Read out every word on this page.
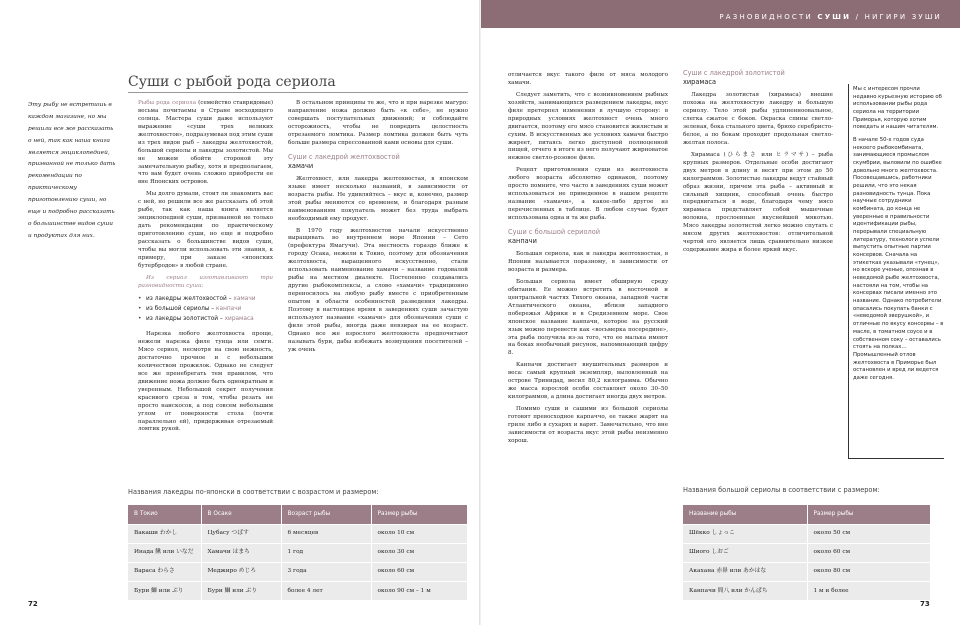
РАЗНОВИДНОСТИ СУШИ / НИГИРИ ЗУШИ
72	73
Суши с рыбой рода сериола
Эту рыбу не встретишь в каждом магазине, но мы решили все же рассказать о ней, так как наша книга является энциклопедией, призванной не только дать рекомендации по практическому приготовлению суши, но еще и подробно рассказать о большинстве видов суши и продуктах для них.

Рыбы рода сериола (семейство ставридовые) весьма почитаемы в Стране восходящего солнца. Мастера суши даже используют выражение «суши трех великих желтохвостов», подразумевая под этим суши из трех видов рыб – лакедры желтохвостой, большой сериолы и лакедры золотистой. Мы не можем обойти стороной эту замечательную рыбку, хотя и предполагаем, что вам будет очень сложно приобрести ее вне Японских островов.

Мы долго думали, стоит ли знакомить вас с ней, но решили все же рассказать об этой рыбе, так как наша книга является энциклопедией суши, призванной не только дать рекомендации по практическому приготовлению суши, но еще и подробно рассказать о большинстве видов суши, чтобы вы могли использовать эти знания, к примеру, при заказе «японских бутербродов» в любой стране.

Из сериол изготавливают три разновидности суши:

• из лакедры желтохвостой – хамачи
• из большой сериолы – канпачи
• из лакедры золотистой – хирамаса

Нарезка любого желтохвоста проще, нежели нарезка филе тунца или семги. Мясо сериол, несмотря на свою нежность, достаточно прочное и с небольшим количеством прожилок. Однако не следует все же пренебрегать тем правилом, что движение ножа должно быть однократным и уверенным. Небольшой секрет получения красивого среза в том, чтобы резать не просто наискосок, а под совсем небольшим углом от поверхности стола (почти параллельно ей), придерживая отрезаемый ломтик рукой.

В остальном принципы те же, что и при нарезке магуро: направление ножа должно быть «к себе», не нужно совершать поступательных движений; и соблюдайте осторожность, чтобы не повредить целостность отрезаемого ломтика. Размер ломтика должен быть чуть больше размера спрессованной ками основы для суши.

Суши с лакедрой желтохвостой
хамачи

Желтохвост, или лакедра желтохвостая, в японском языке имеет несколько названий, в зависимости от возраста рыбы. Не удивляйтесь – вкус и, конечно, размер этой рыбы меняются со временем, и благодаря разным наименованиям покупатель может без труда выбрать необходимый ему продукт.

В 1970 году желтохвостов начали искусственно выращивать во внутреннем море Японии – Сето (префектура Ямагучи). Эта местность гораздо ближе к городу Осака, нежели к Токио, поэтому для обозначения желтохвоста, выращенного искусственно, стали использовать наименование хамачи – название годовалой рыбы на местном диалекте. Постепенно создавались другие рыбокомплексы, а слово «хамачи» традиционно переносилось на любую рыбу вместе с приобретенным опытом в области особенностей разведения лакедры. Поэтому в настоящее время в заведениях суши зачастую используют название «хамачи» для обозначения суши с филе этой рыбы, иногда даже невзирая на ее возраст. Однако все же взрослого желтохвоста предпочитают называть бури, дабы избежать возмущения посетителей – уж очень

отличается вкус такого филе от мяса молодого хамачи.

Следует заметить, что с возникновением рыбных хозяйств, занимающихся разведением лакедры, вкус филе претерпел изменения в лучшую сторону: в природных условиях желтохвост очень много двигается, поэтому его мясо становится жилистым и сухим. В искусственных же условиях хамачи быстро жиреет, питаясь легко доступной полноценной пищей, отчего в итоге из него получают жирноватое нежное светло-розовое филе.

Рецепт приготовления суши из желтохвоста любого возраста абсолютно одинаков, поэтому просто помните, что часто в заведениях суши может использоваться не приведенное в нашем рецепте название «хамачи», а какое-либо другое из перечисленных в таблице. В любом случае будет использована одна и та же рыба.

Суши с большой сериолой
канпачи

Большая сериола, как и лакедра желтохвостая, в Японии называется поразному, в зависимости от возраста и размера.

Большая сериола имеет обширную среду обитания. Ее можно встретить в восточной и центральной частях Тихого океана, западной части Атлантического океана, вблизи западного побережья Африки и в Средиземном море. Свое японское название канпачи, которое на русский язык можно перевести как «восьмерка посередине», эта рыба получила из-за того, что ее малька имеют на боках необычный рисунок, напоминающий цифру 8.

Канпачи достигает внушительных размеров и веса: самый крупный экземпляр, выловленный на острове Тринидад, весил 80,2 килограмма. Обычно же масса взрослой особи составляет около 30–50 килограммов, а длина достигает иногда двух метров.

Помимо суши и сашими из большой сериолы готовят превосходное карпаччо, ее также жарят на гриле либо в сухарях и варят. Замечательно, что вне зависимости от возраста вкус этой рыбы неизменно хорош.

Суши с лакедрой золотистой
хирамаса

Лакедра золотистая (хирамаса) внешне похожа на желтохвостую лакедру и большую сериолу. Тело этой рыбы удлиненноовальное, слегка сжатое с боков. Окраска спины светло-зеленая, бока стального цвета, брюхо серебристо-белое, а по бокам проходит продольная светло-желтая полоса.

Хирамаса (ひらまさ или ヒラマサ) – рыба крупных размеров. Отдельные особи достигают двух метров в длину и весят при этом до 50 килограммов. Золотистые лакедры ведут стайный образ жизни, причем эта рыба – активный и сильный хищник, способный очень быстро передвигаться в воде, благодаря чему мясо хирамаса представляет собой мышечные волокна, прослоенные вкуснейшей мякотью. Мясо лакедры золотистой легко можно спутать с мясом других желтохвостов: отличительной чертой его является лишь сравнительно низкое содержание жира и более яркий вкус.

Мы с интересом прочли недавно курьезную историю об использовании рыбы рода сериола на территории Приморья, которую хотим поведать и нашим читателям.

В начале 50-х годов суда некоего рыбокомбината, занимающиеся промыслом скумбрии, выловили по ошибке довольно много желтохвоста. Посовещавшись, работники решили, что это некая разновидность тунца. Пока научные сотрудники комбината, до конца не уверенные в правильности идентификации рыбы, перерывали специальную литературу, технологи успели выпустить опытные партии консервов. Сначала на этикетках указывали «тунец», но вскоре ученые, опознав в неведомой рыбе желтохвоста, настояли на том, чтобы на консервах писали именно это название. Однако потребители опасались покупать банки с «неведомой зверушкой», и отличные по вкусу консервы – в масле, в томатном соусе и в собственном соку – оставались стоять на полках… Промышленный отлов желтохвоста в Приморье был остановлен и вред ли ведется даже сегодня.

Названия лакедры по-японски в соответствии с возрастом и размером:
В Токио	В Осаке	Возраст рыбы	Размер рыбы
Вакаши わかし	Цубасу つばす	6 месяцев	около 10 см
Инада 鰍 или いなだ	Хамачи はまち	1 год	около 30 см
Вараса わらさ	Меджиро めじろ	3 года	около 60 см
Бури 鰤 или ぶり	Бури 鰤 или ぶり	более 4 лет	около 90 см – 1 м
Названия большой сериолы в соответствии с размером:
Название рыбы	Размер рыбы
Шёкко しょっこ	около 50 см
Шиого しおご	около 60 см
Акахана 赤鼻 или あかはな	около 80 см
Канпачи 間八 или かんぱち	1 м и более
